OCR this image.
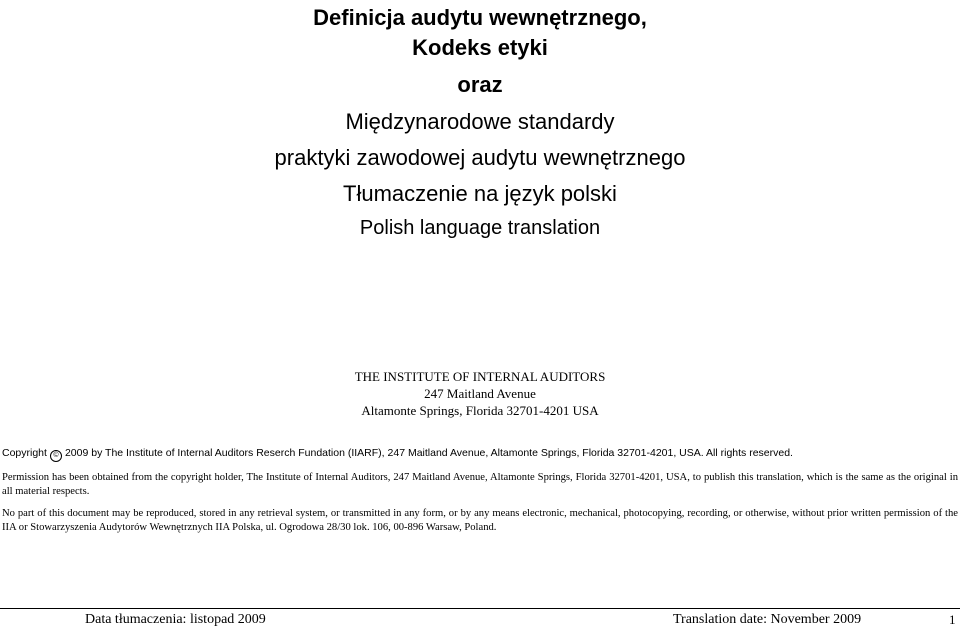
Definicja audytu wewnętrznego,
Kodeks etyki
oraz
Międzynarodowe standardy
praktyki zawodowej audytu wewnętrznego
Tłumaczenie na język polski
Polish language translation
THE INSTITUTE OF INTERNAL AUDITORS
247 Maitland Avenue
Altamonte Springs, Florida 32701-4201 USA
Copyright © 2009 by The Institute of Internal Auditors Reserch Fundation (IIARF), 247 Maitland Avenue, Altamonte Springs, Florida 32701-4201, USA. All rights reserved.

Permission has been obtained from the copyright holder, The Institute of Internal Auditors, 247 Maitland Avenue, Altamonte Springs, Florida 32701-4201, USA, to publish this translation, which is the same as the original in all material respects.

No part of this document may be reproduced, stored in any retrieval system, or transmitted in any form, or by any means electronic, mechanical, photocopying, recording, or otherwise, without prior written permission of the IIA or Stowarzyszenia Audytorów Wewnętrznych IIA Polska, ul. Ogrodowa 28/30 lok. 106, 00-896 Warsaw, Poland.

Data tłumaczenia: listopad 2009	Translation date: November 2009	1
